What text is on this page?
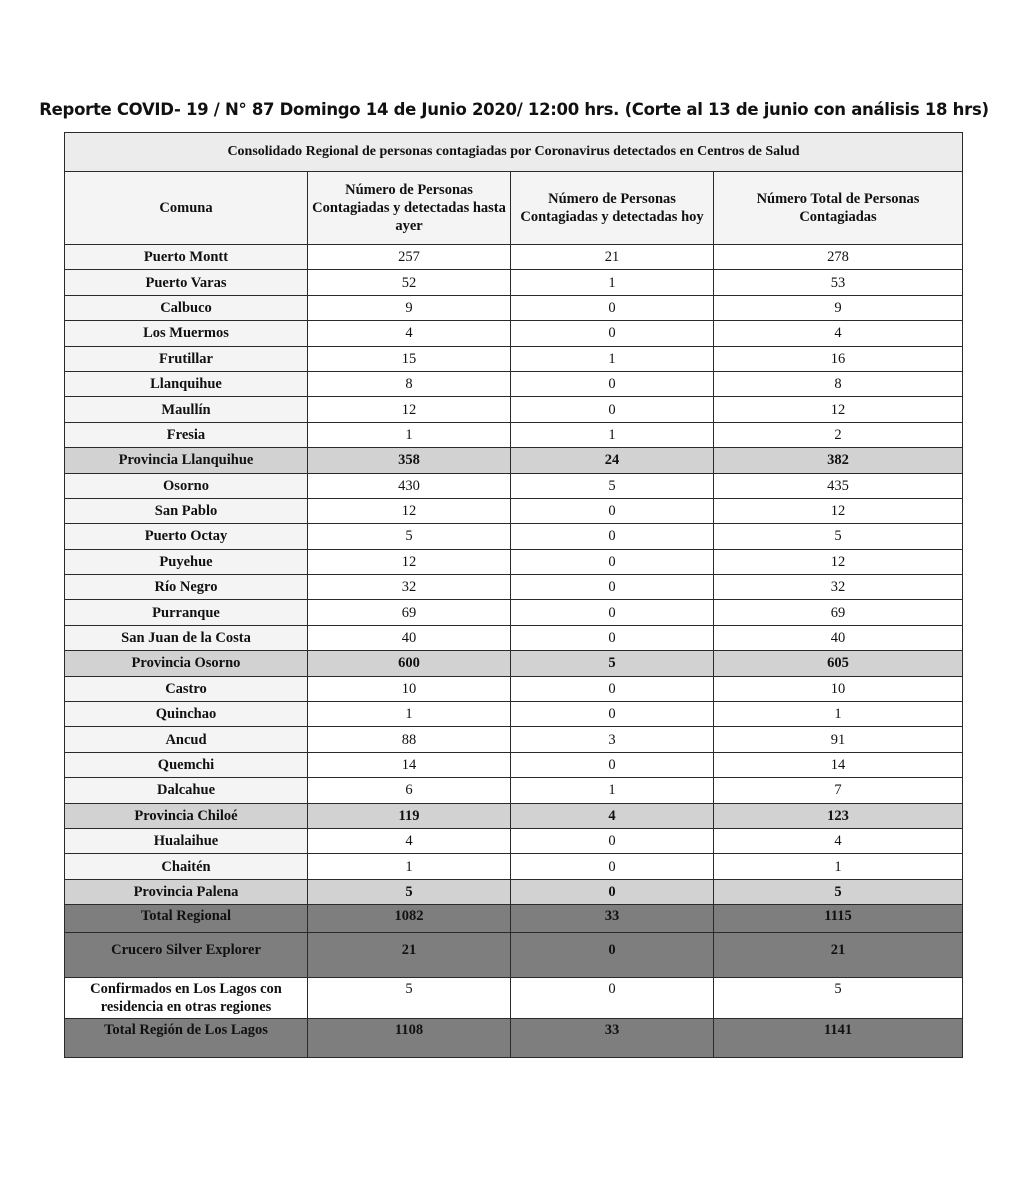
Reporte COVID- 19 / N° 87 Domingo 14 de Junio 2020/ 12:00 hrs. (Corte al 13 de junio con análisis 18 hrs)
Consolidado Regional de personas contagiadas por Coronavirus detectados en Centros de Salud			
Comuna	Número de Personas Contagiadas y detectadas hasta ayer	Número de Personas Contagiadas y detectadas hoy	Número Total de Personas Contagiadas
Puerto Montt	257	21	278
Puerto Varas	52	1	53
Calbuco	9	0	9
Los Muermos	4	0	4
Frutillar	15	1	16
Llanquihue	8	0	8
Maullín	12	0	12
Fresia	1	1	2
Provincia Llanquihue	358	24	382
Osorno	430	5	435
San Pablo	12	0	12
Puerto Octay	5	0	5
Puyehue	12	0	12
Río Negro	32	0	32
Purranque	69	0	69
San Juan de la Costa	40	0	40
Provincia Osorno	600	5	605
Castro	10	0	10
Quinchao	1	0	1
Ancud	88	3	91
Quemchi	14	0	14
Dalcahue	6	1	7
Provincia Chiloé	119	4	123
Hualaihue	4	0	4
Chaitén	1	0	1
Provincia Palena	5	0	5
Total Regional	1082	33	1115
Crucero Silver Explorer	21	0	21
Confirmados en Los Lagos con residencia en otras regiones	5	0	5
Total Región de Los Lagos	1108	33	1141
